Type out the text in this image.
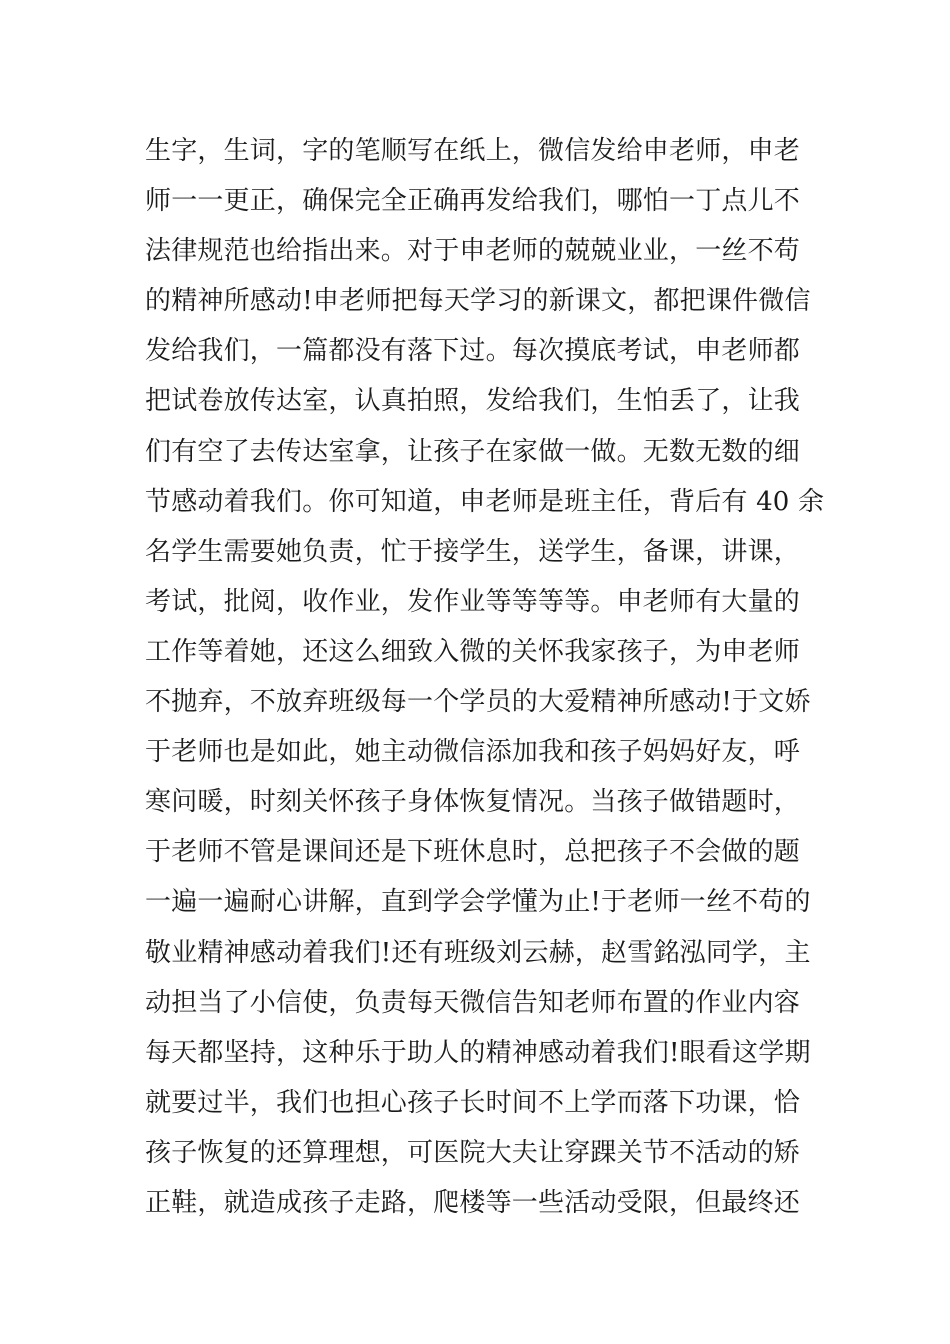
生字，生词，字的笔顺写在纸上，微信发给申老师，申老
师一一更正，确保完全正确再发给我们，哪怕一丁点儿不
法律规范也给指出来。对于申老师的兢兢业业，一丝不苟
的精神所感动!申老师把每天学习的新课文，都把课件微信
发给我们，一篇都没有落下过。每次摸底考试，申老师都
把试卷放传达室，认真拍照，发给我们，生怕丢了，让我
们有空了去传达室拿，让孩子在家做一做。无数无数的细
节感动着我们。你可知道，申老师是班主任，背后有 40 余
名学生需要她负责，忙于接学生，送学生，备课，讲课，
考试，批阅，收作业，发作业等等等等。申老师有大量的
工作等着她，还这么细致入微的关怀我家孩子，为申老师
不抛弃，不放弃班级每一个学员的大爱精神所感动!于文娇
于老师也是如此，她主动微信添加我和孩子妈妈好友，呼
寒问暖，时刻关怀孩子身体恢复情况。当孩子做错题时，
于老师不管是课间还是下班休息时，总把孩子不会做的题
一遍一遍耐心讲解，直到学会学懂为止!于老师一丝不苟的
敬业精神感动着我们!还有班级刘云赫，赵雪銘泓同学，主
动担当了小信使，负责每天微信告知老师布置的作业内容
每天都坚持，这种乐于助人的精神感动着我们!眼看这学期
就要过半，我们也担心孩子长时间不上学而落下功课，恰
孩子恢复的还算理想，可医院大夫让穿踝关节不活动的矫
正鞋，就造成孩子走路，爬楼等一些活动受限，但最终还
